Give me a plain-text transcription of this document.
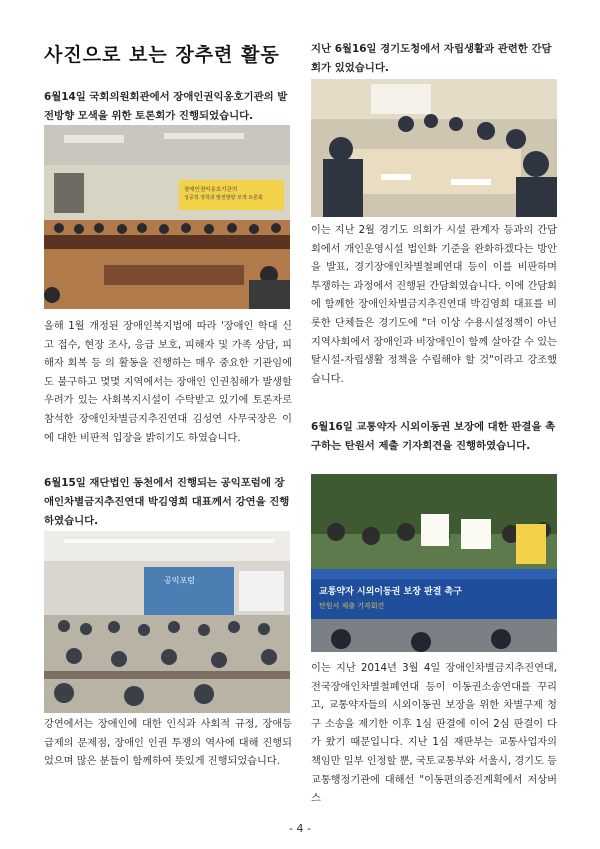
사진으로 보는 장추련 활동

6월14일 국회의원회관에서 장애인권익옹호기관의 발전방향 모색을 위한 토론회가 진행되었습니다.

장애인권익옹호기관의
성공적 정착과 발전방향 모색 토론회

올해 1월 개정된 장애인복지법에 따라 '장애인 학대 신고 접수, 현장 조사, 응급 보호, 피해자 및 가족 상담, 피해자 회복 등 의 활동을 진행하는 매우 중요한 기관임에도 불구하고 몇몇 지역에서는 장애인 인권침해가 발생할 우려가 있는 사회복지시설이 수탁받고 있기에 토론자로 참석한 장애인차별금지추진연대 김성연 사무국장은 이에 대한 비판적 입장을 밝히기도 하였습니다.

6월15일 재단법인 동천에서 진행되는 공익포럼에 장애인차별금지추진연대 박김영희 대표께서 강연을 진행하였습니다.

공익포럼

강연에서는 장애인에 대한 인식과 사회적 규정, 장애등급제의 문제점, 장애인 인권 투쟁의 역사에 대해 진행되었으며 많은 분들이 함께하여 뜻있게 진행되었습니다.

지난 6월16일 경기도청에서 자립생활과 관련한 간담회가 있었습니다.

이는 지난 2월 경기도 의회가 시설 관계자 등과의 간담회에서 개인운영시설 법인화 기준을 완화하겠다는 방안을 발표, 경기장애인차별철폐연대 등이 이를 비판하며 투쟁하는 과정에서 진행된 간담회였습니다. 이에 간담회에 함께한 장애인차별금지추진연대 박김영희 대표를 비롯한 단체들은 경기도에 "더 이상 수용시설정책이 아닌 지역사회에서 장애인과 비장애인이 함께 살아갈 수 있는 탈시설-자립생활 정책을 수립해야 할 것"이라고 강조했습니다.

6월16일 교통약자 시외이동권 보장에 대한 판결을 촉구하는 탄원서 제출 기자회견을 진행하였습니다.

교통약자 시외이동권 보장 판결 촉구
탄원서 제출 기자회견

이는 지난 2014년 3월 4일 장애인차별금지추진연대, 전국장애인차별철폐연대 등이 이동권소송연대를 꾸리고, 교통약자들의 시외이동권 보장을 위한 차별구제 청구 소송을 제기한 이후 1심 판결에 이어 2심 판결이 다가 왔기 때문입니다. 지난 1심 재판부는 교통사업자의 책임만 일부 인정할 뿐, 국토교통부와 서울시, 경기도 등 교통행정기관에 대해선 "이동편의증진계획에서 저상버스

- 4 -
